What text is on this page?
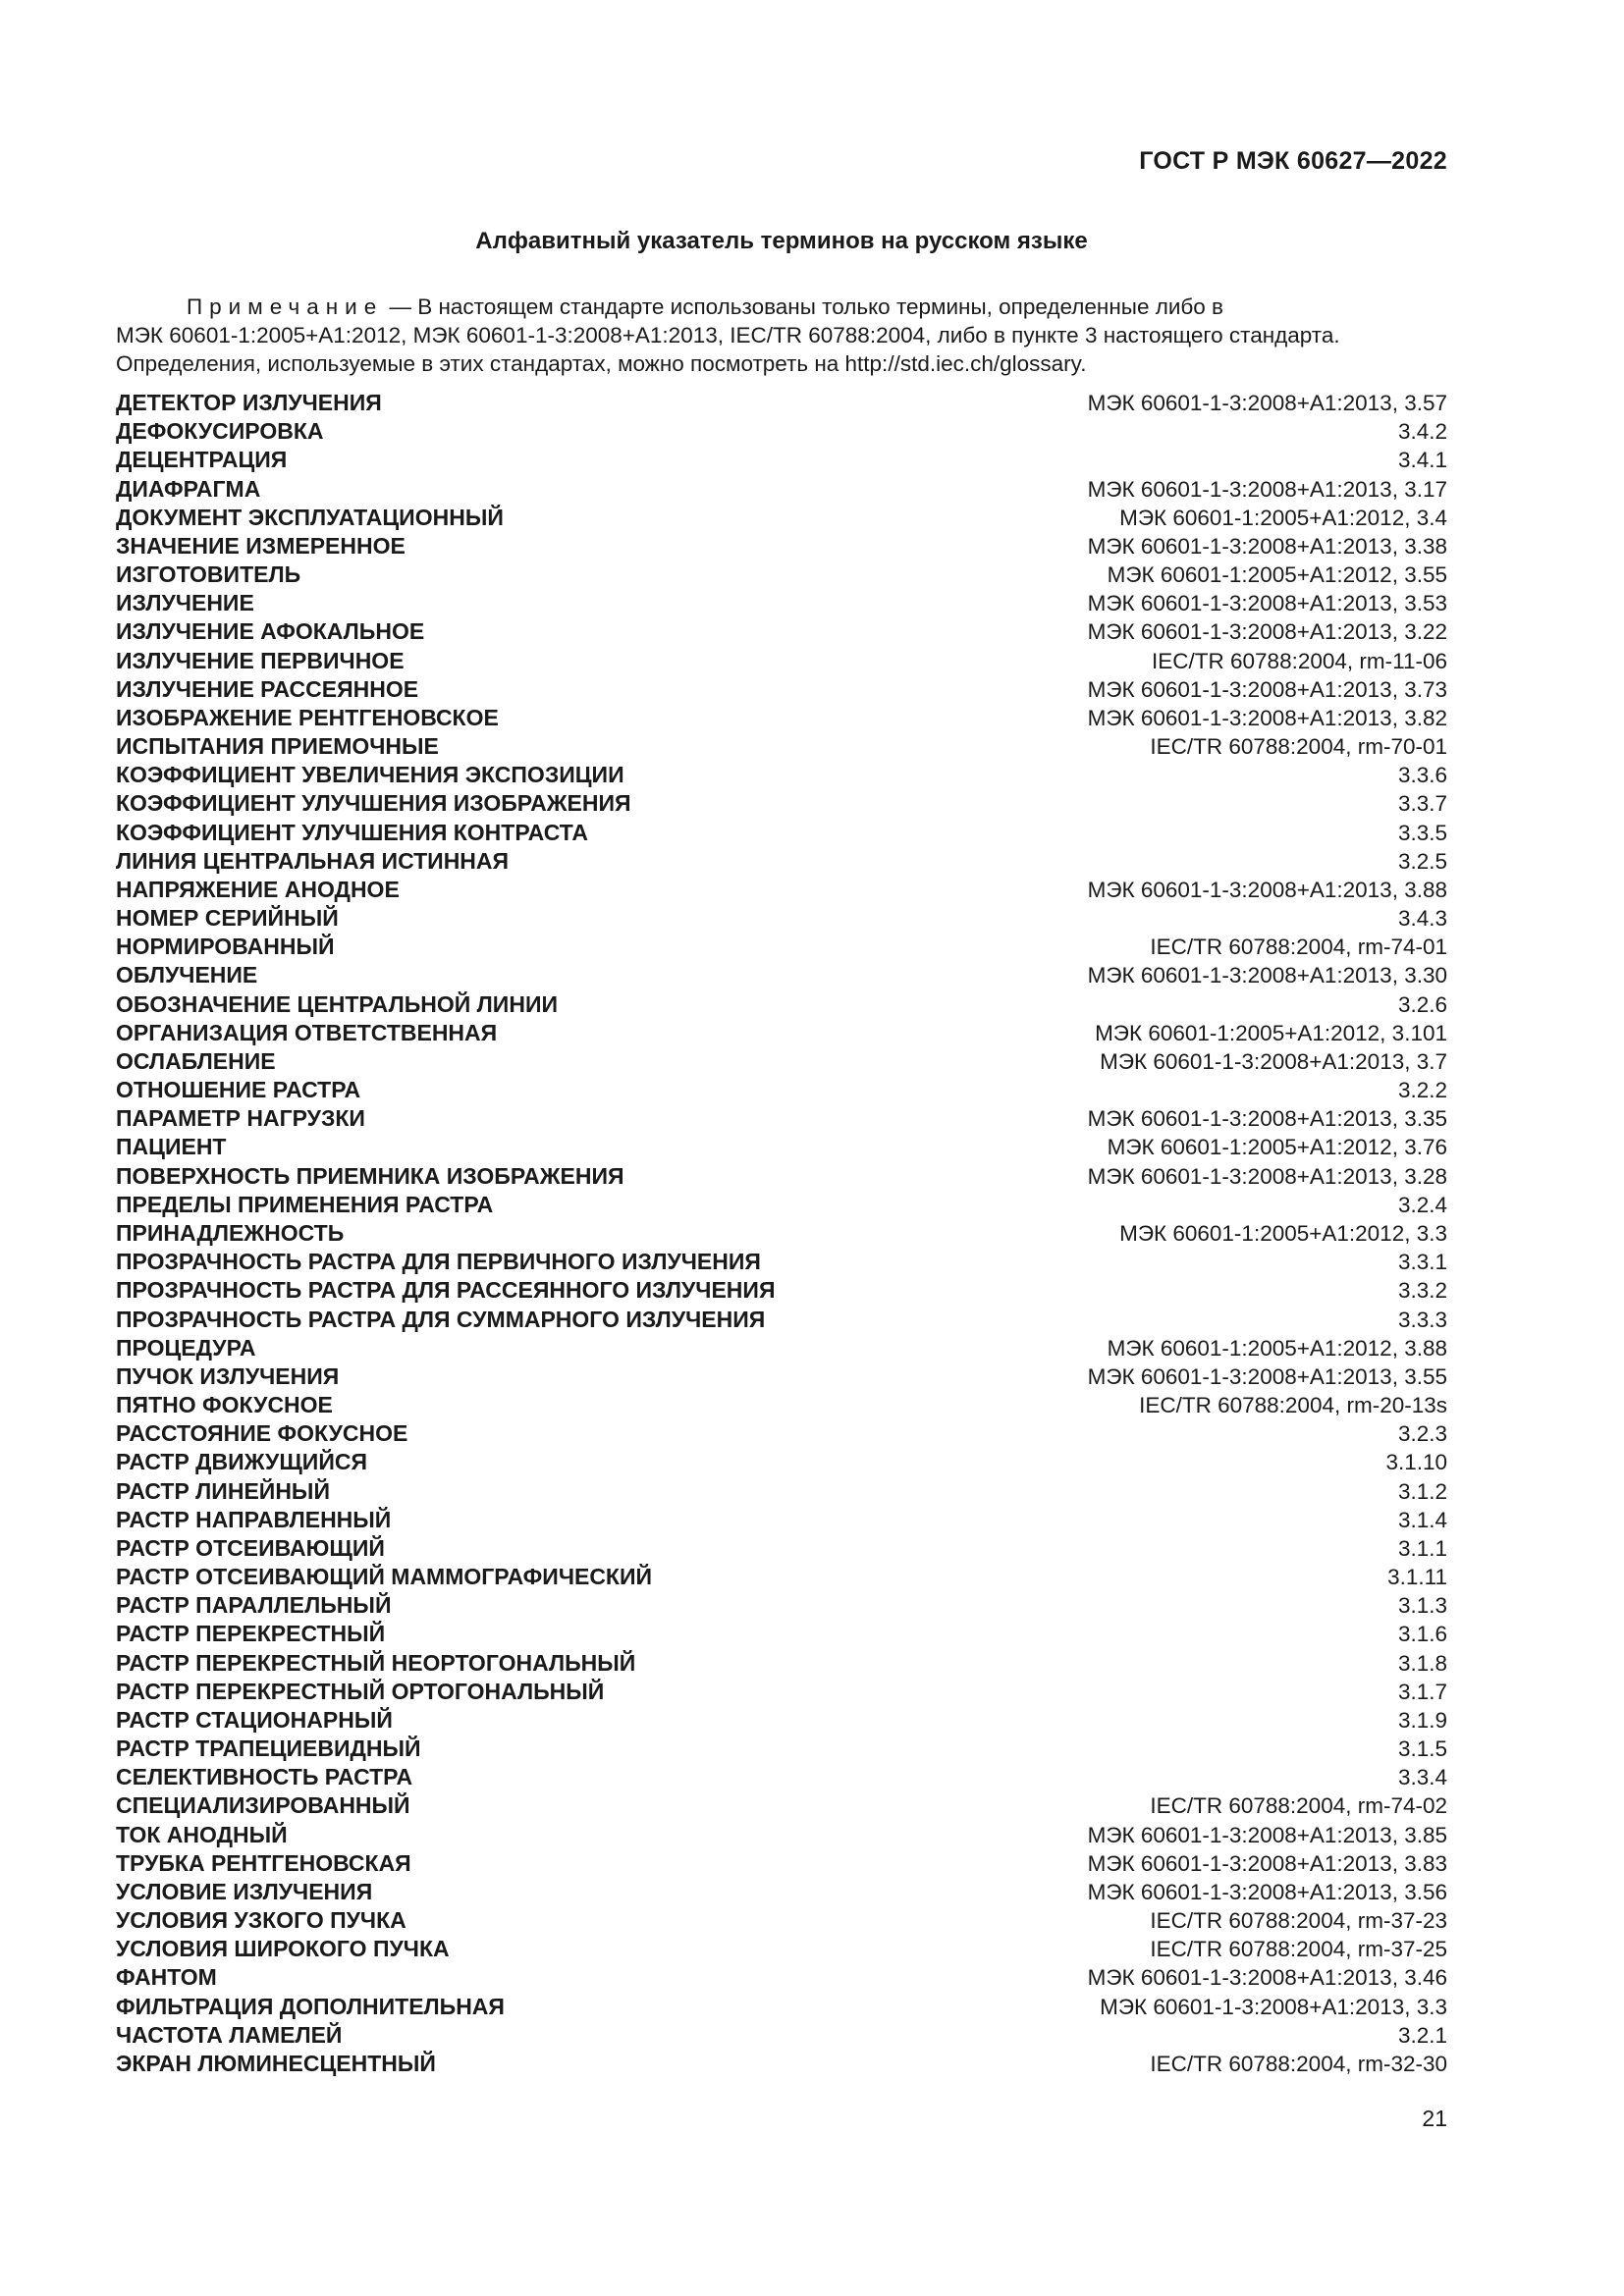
ГОСТ Р МЭК 60627—2022
Алфавитный указатель терминов на русском языке
Примечание — В настоящем стандарте использованы только термины, определенные либо в
МЭК 60601-1:2005+A1:2012, МЭК 60601-1-3:2008+A1:2013, IEC/TR 60788:2004, либо в пункте 3 настоящего стандарта.
Определения, используемые в этих стандартах, можно посмотреть на http://std.iec.ch/glossary.
ДЕТЕКТОР ИЗЛУЧЕНИЯ	МЭК 60601-1-3:2008+A1:2013, 3.57
ДЕФОКУСИРОВКА	3.4.2
ДЕЦЕНТРАЦИЯ	3.4.1
ДИАФРАГМА	МЭК 60601-1-3:2008+A1:2013, 3.17
ДОКУМЕНТ ЭКСПЛУАТАЦИОННЫЙ	МЭК 60601-1:2005+A1:2012, 3.4
ЗНАЧЕНИЕ ИЗМЕРЕННОЕ	МЭК 60601-1-3:2008+A1:2013, 3.38
ИЗГОТОВИТЕЛЬ	МЭК 60601-1:2005+A1:2012, 3.55
ИЗЛУЧЕНИЕ	МЭК 60601-1-3:2008+A1:2013, 3.53
ИЗЛУЧЕНИЕ АФОКАЛЬНОЕ	МЭК 60601-1-3:2008+A1:2013, 3.22
ИЗЛУЧЕНИЕ ПЕРВИЧНОЕ	IEC/TR 60788:2004, rm-11-06
ИЗЛУЧЕНИЕ РАССЕЯННОЕ	МЭК 60601-1-3:2008+A1:2013, 3.73
ИЗОБРАЖЕНИЕ РЕНТГЕНОВСКОЕ	МЭК 60601-1-3:2008+A1:2013, 3.82
ИСПЫТАНИЯ ПРИЕМОЧНЫЕ	IEC/TR 60788:2004, rm-70-01
КОЭФФИЦИЕНТ УВЕЛИЧЕНИЯ ЭКСПОЗИЦИИ	3.3.6
КОЭФФИЦИЕНТ УЛУЧШЕНИЯ ИЗОБРАЖЕНИЯ	3.3.7
КОЭФФИЦИЕНТ УЛУЧШЕНИЯ КОНТРАСТА	3.3.5
ЛИНИЯ ЦЕНТРАЛЬНАЯ ИСТИННАЯ	3.2.5
НАПРЯЖЕНИЕ АНОДНОЕ	МЭК 60601-1-3:2008+A1:2013, 3.88
НОМЕР СЕРИЙНЫЙ	3.4.3
НОРМИРОВАННЫЙ	IEC/TR 60788:2004, rm-74-01
ОБЛУЧЕНИЕ	МЭК 60601-1-3:2008+A1:2013, 3.30
ОБОЗНАЧЕНИЕ ЦЕНТРАЛЬНОЙ ЛИНИИ	3.2.6
ОРГАНИЗАЦИЯ ОТВЕТСТВЕННАЯ	МЭК 60601-1:2005+A1:2012, 3.101
ОСЛАБЛЕНИЕ	МЭК 60601-1-3:2008+A1:2013, 3.7
ОТНОШЕНИЕ РАСТРА	3.2.2
ПАРАМЕТР НАГРУЗКИ	МЭК 60601-1-3:2008+A1:2013, 3.35
ПАЦИЕНТ	МЭК 60601-1:2005+A1:2012, 3.76
ПОВЕРХНОСТЬ ПРИЕМНИКА ИЗОБРАЖЕНИЯ	МЭК 60601-1-3:2008+A1:2013, 3.28
ПРЕДЕЛЫ ПРИМЕНЕНИЯ РАСТРА	3.2.4
ПРИНАДЛЕЖНОСТЬ	МЭК 60601-1:2005+A1:2012, 3.3
ПРОЗРАЧНОСТЬ РАСТРА ДЛЯ ПЕРВИЧНОГО ИЗЛУЧЕНИЯ	3.3.1
ПРОЗРАЧНОСТЬ РАСТРА ДЛЯ РАССЕЯННОГО ИЗЛУЧЕНИЯ	3.3.2
ПРОЗРАЧНОСТЬ РАСТРА ДЛЯ СУММАРНОГО ИЗЛУЧЕНИЯ	3.3.3
ПРОЦЕДУРА	МЭК 60601-1:2005+A1:2012, 3.88
ПУЧОК ИЗЛУЧЕНИЯ	МЭК 60601-1-3:2008+A1:2013, 3.55
ПЯТНО ФОКУСНОЕ	IEC/TR 60788:2004, rm-20-13s
РАССТОЯНИЕ ФОКУСНОЕ	3.2.3
РАСТР ДВИЖУЩИЙСЯ	3.1.10
РАСТР ЛИНЕЙНЫЙ	3.1.2
РАСТР НАПРАВЛЕННЫЙ	3.1.4
РАСТР ОТСЕИВАЮЩИЙ	3.1.1
РАСТР ОТСЕИВАЮЩИЙ МАММОГРАФИЧЕСКИЙ	3.1.11
РАСТР ПАРАЛЛЕЛЬНЫЙ	3.1.3
РАСТР ПЕРЕКРЕСТНЫЙ	3.1.6
РАСТР ПЕРЕКРЕСТНЫЙ НЕОРТОГОНАЛЬНЫЙ	3.1.8
РАСТР ПЕРЕКРЕСТНЫЙ ОРТОГОНАЛЬНЫЙ	3.1.7
РАСТР СТАЦИОНАРНЫЙ	3.1.9
РАСТР ТРАПЕЦИЕВИДНЫЙ	3.1.5
СЕЛЕКТИВНОСТЬ РАСТРА	3.3.4
СПЕЦИАЛИЗИРОВАННЫЙ	IEC/TR 60788:2004, rm-74-02
ТОК АНОДНЫЙ	МЭК 60601-1-3:2008+A1:2013, 3.85
ТРУБКА РЕНТГЕНОВСКАЯ	МЭК 60601-1-3:2008+A1:2013, 3.83
УСЛОВИЕ ИЗЛУЧЕНИЯ	МЭК 60601-1-3:2008+A1:2013, 3.56
УСЛОВИЯ УЗКОГО ПУЧКА	IEC/TR 60788:2004, rm-37-23
УСЛОВИЯ ШИРОКОГО ПУЧКА	IEC/TR 60788:2004, rm-37-25
ФАНТОМ	МЭК 60601-1-3:2008+A1:2013, 3.46
ФИЛЬТРАЦИЯ ДОПОЛНИТЕЛЬНАЯ	МЭК 60601-1-3:2008+A1:2013, 3.3
ЧАСТОТА ЛАМЕЛЕЙ	3.2.1
ЭКРАН ЛЮМИНЕСЦЕНТНЫЙ	IEC/TR 60788:2004, rm-32-30
21
